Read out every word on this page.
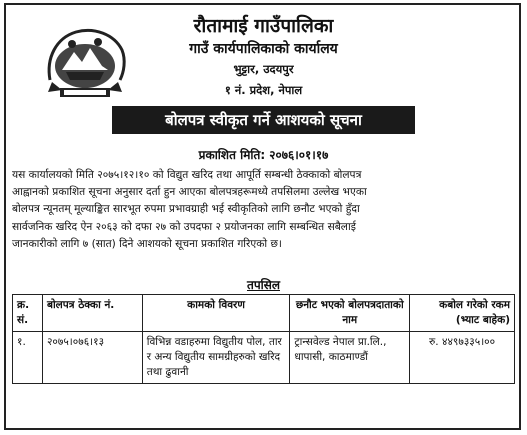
रौतामाई गाउँपालिका
गाउँ कार्यपालिकाको कार्यालय
भुट्टार, उदयपुर
१ नं. प्रदेश, नेपाल
बोलपत्र स्वीकृत गर्ने आशयको सूचना
प्रकाशित मिति: २०७६।०१।१७
यस कार्यालयको मिति २०७५।१२।१० को विद्युत खरिद तथा आपूर्ति सम्बन्धी ठेक्काको बोलपत्र
आह्वानको प्रकाशित सूचना अनुसार दर्ता हुन आएका बोलपत्रहरूमध्ये तपसिलमा उल्लेख भएका
बोलपत्र न्यूनतम् मूल्याङ्कित सारभूत रुपमा प्रभावग्राही भई स्वीकृतिको लागि छनौट भएको हुँदा
सार्वजनिक खरिद ऐन २०६३ को दफा २७ को उपदफा २ प्रयोजनका लागि सम्बन्धित सबैलाई
जानकारीको लागि ७ (सात) दिने आशयको सूचना प्रकाशित गरिएको छ।
तपसिल
क्र. सं.	बोलपत्र ठेक्का नं.	कामको विवरण	छनौट भएको बोलपत्रदाताको नाम	कबोल गरेको रकम (भ्याट बाहेक)
१.	२०७५।०७६।१३	विभिन्न वडाहरुमा विद्युतीय पोल, तार र अन्य विद्युतीय सामग्रीहरुको खरिद तथा ढुवानी	ट्रान्सवेल्ड नेपाल प्रा.लि., धापासी, काठमाण्डौं	रु. ४४९७३३५।००
